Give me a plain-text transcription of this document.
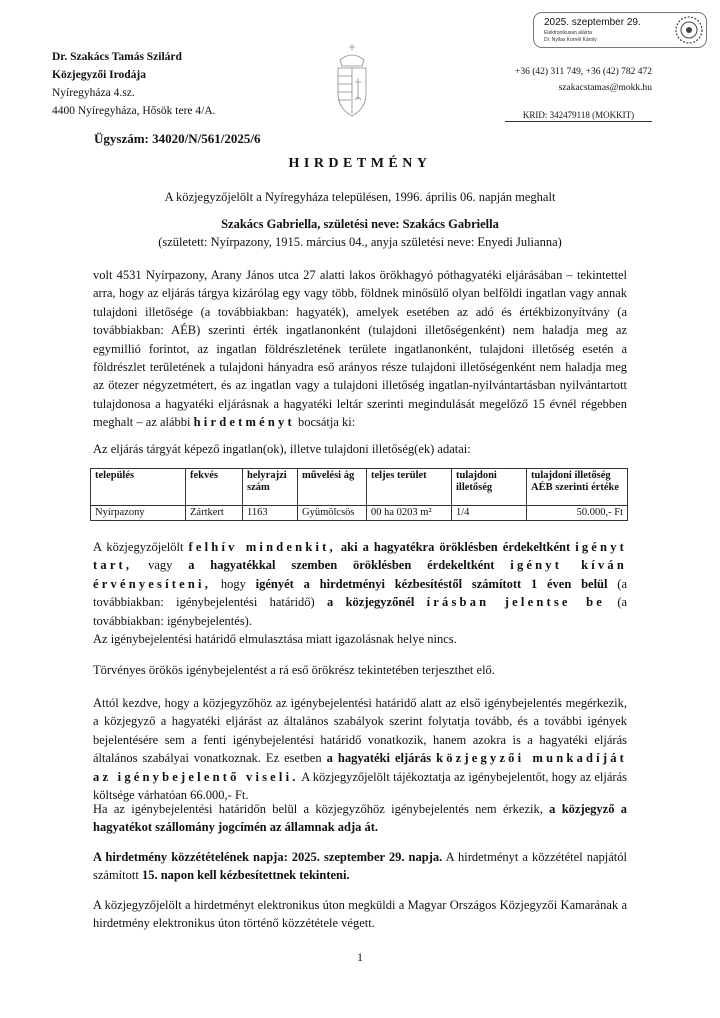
Dr. Szakács Tamás Szilárd
Közjegyzői Irodája
Nyíregyháza 4.sz.
4400 Nyíregyháza, Hősök tere 4/A.
2025. szeptember 29.
Elektronikusan aláírta
Dr. Nyilas Kornél Károly
+36 (42) 311 749, +36 (42) 782 472
szakacstamas@mokk.hu
KRID: 342479118 (MOKKIT)
Ügyszám: 34020/N/561/2025/6
HIRDETMÉNY
A közjegyzőjelölt a Nyíregyháza településen, 1996. április 06. napján meghalt
Szakács Gabriella, születési neve: Szakács Gabriella
(született: Nyírpazony, 1915. március 04., anyja születési neve: Enyedi Julianna)
volt 4531 Nyírpazony, Arany János utca 27 alatti lakos örökhagyó póthagyatéki eljárásában – tekintettel arra, hogy az eljárás tárgya kizárólag egy vagy több, földnek minősülő olyan belföldi ingatlan vagy annak tulajdoni illetősége (a továbbiakban: hagyaték), amelyek esetében az adó és értékbizonyítvány (a továbbiakban: AÉB) szerinti érték ingatlanonként (tulajdoni illetőségenként) nem haladja meg az egymillió forintot, az ingatlan földrészletének területe ingatlanonként, tulajdoni illetőség esetén a földrészlet területének a tulajdoni hányadra eső arányos része tulajdoni illetőségenként nem haladja meg az ötezer négyzetmétert, és az ingatlan vagy a tulajdoni illetőség ingatlan-nyilvántartásban nyilvántartott tulajdonosa a hagyatéki eljárásnak a hagyatéki leltár szerinti megindulását megelőző 15 évnél régebben meghalt – az alábbi hirdetményt bocsátja ki:
Az eljárás tárgyát képező ingatlan(ok), illetve tulajdoni illetőség(ek) adatai:
település	fekvés	helyrajzi szám	művelési ág	teljes terület	tulajdoni illetőség	tulajdoni illetőség AÉB szerinti értéke
Nyírpazony	Zártkert	1163	Gyümölcsös	00 ha 0203 m²	1/4	50.000,- Ft
A közjegyzőjelölt felhív mindenkit, aki a hagyatékra öröklésben érdekeltként igényt tart, vagy a hagyatékkal szemben öröklésben érdekeltként igényt kíván érvényesíteni, hogy igényét a hirdetményi kézbesítéstől számított 1 éven belül (a továbbiakban: igénybejelentési határidő) a közjegyzőnél írásban jelentse be (a továbbiakban: igénybejelentés).
Az igénybejelentési határidő elmulasztása miatt igazolásnak helye nincs.
Törvényes örökös igénybejelentést a rá eső örökrész tekintetében terjeszthet elő.
Attól kezdve, hogy a közjegyzőhöz az igénybejelentési határidő alatt az első igénybejelentés megérkezik, a közjegyző a hagyatéki eljárást az általános szabályok szerint folytatja tovább, és a további igények bejelentésére sem a fenti igénybejelentési határidő vonatkozik, hanem azokra is a hagyatéki eljárás általános szabályai vonatkoznak. Ez esetben a hagyatéki eljárás közjegyzői munkadíját az igénybejelentő viseli. A közjegyzőjelölt tájékoztatja az igénybejelentőt, hogy az eljárás költsége várhatóan 66.000,- Ft.
Ha az igénybejelentési határidőn belül a közjegyzőhöz igénybejelentés nem érkezik, a közjegyző a hagyatékot szállomány jogcímén az államnak adja át.
A hirdetmény közzétételének napja: 2025. szeptember 29. napja. A hirdetményt a közzététel napjától számított 15. napon kell kézbesítettnek tekinteni.
A közjegyzőjelölt a hirdetményt elektronikus úton megküldi a Magyar Országos Közjegyzői Kamarának a hirdetmény elektronikus úton történő közzététele végett.
1
